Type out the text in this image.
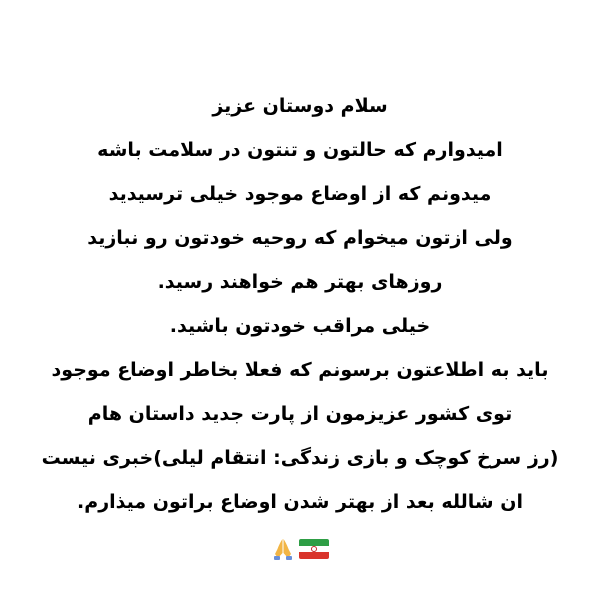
سلام دوستان عزیز
امیدوارم که حالتون و تنتون در سلامت باشه
میدونم که از اوضاع موجود خیلی ترسیدید
ولی ازتون میخوام که روحیه خودتون رو نبازید
روزهای بهتر هم خواهند رسید.
خیلی مراقب خودتون باشید.
باید به اطلاعتون برسونم که فعلا بخاطر اوضاع موجود
توی کشور عزیزمون از پارت جدید داستان هام
(رز سرخ کوچک و بازی زندگی: انتقام لیلی)خبری نیست
ان شالله بعد از بهتر شدن اوضاع براتون میذارم.
